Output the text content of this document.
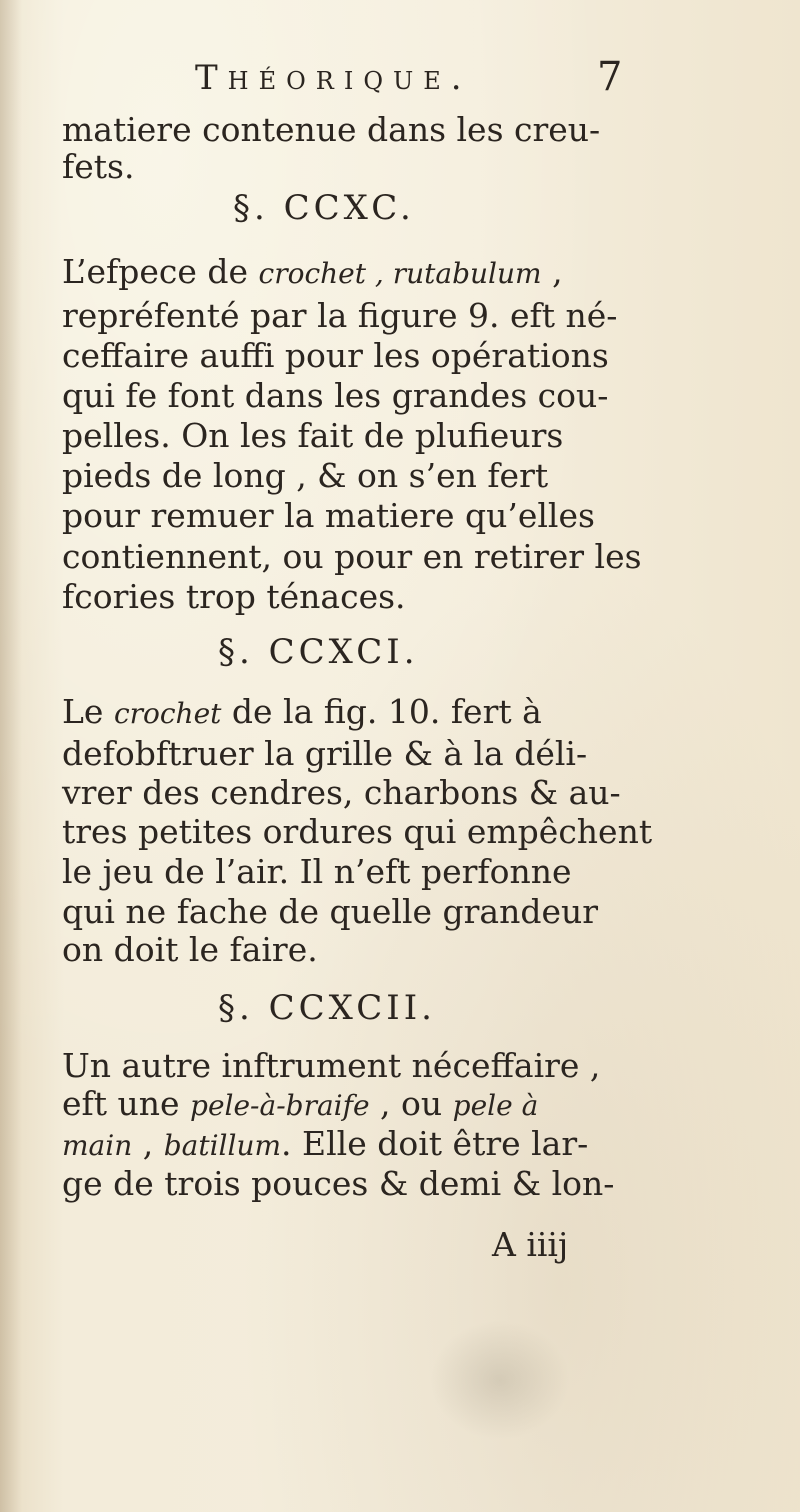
Théorique.	7
matiere contenue dans les creu-
fets.
§. CCXC.
L’efpece de crochet , rutabulum ,
repréfenté par la figure 9. eft né-
ceffaire auffi pour les opérations
qui fe font dans les grandes cou-
pelles. On les fait de plufieurs
pieds de long , & on s’en fert
pour remuer la matiere qu’elles
contiennent, ou pour en retirer les
fcories trop ténaces.
§. CCXCI.
Le crochet de la fig. 10. fert à
defobftruer la grille & à la déli-
vrer des cendres, charbons & au-
tres petites ordures qui empêchent
le jeu de l’air. Il n’eft perfonne
qui ne fache de quelle grandeur
on doit le faire.
§. CCXCII.
Un autre inftrument néceffaire ,
eft une pele-à-braife , ou pele à
main , batillum. Elle doit être lar-
ge de trois pouces & demi & lon-
A iiij
